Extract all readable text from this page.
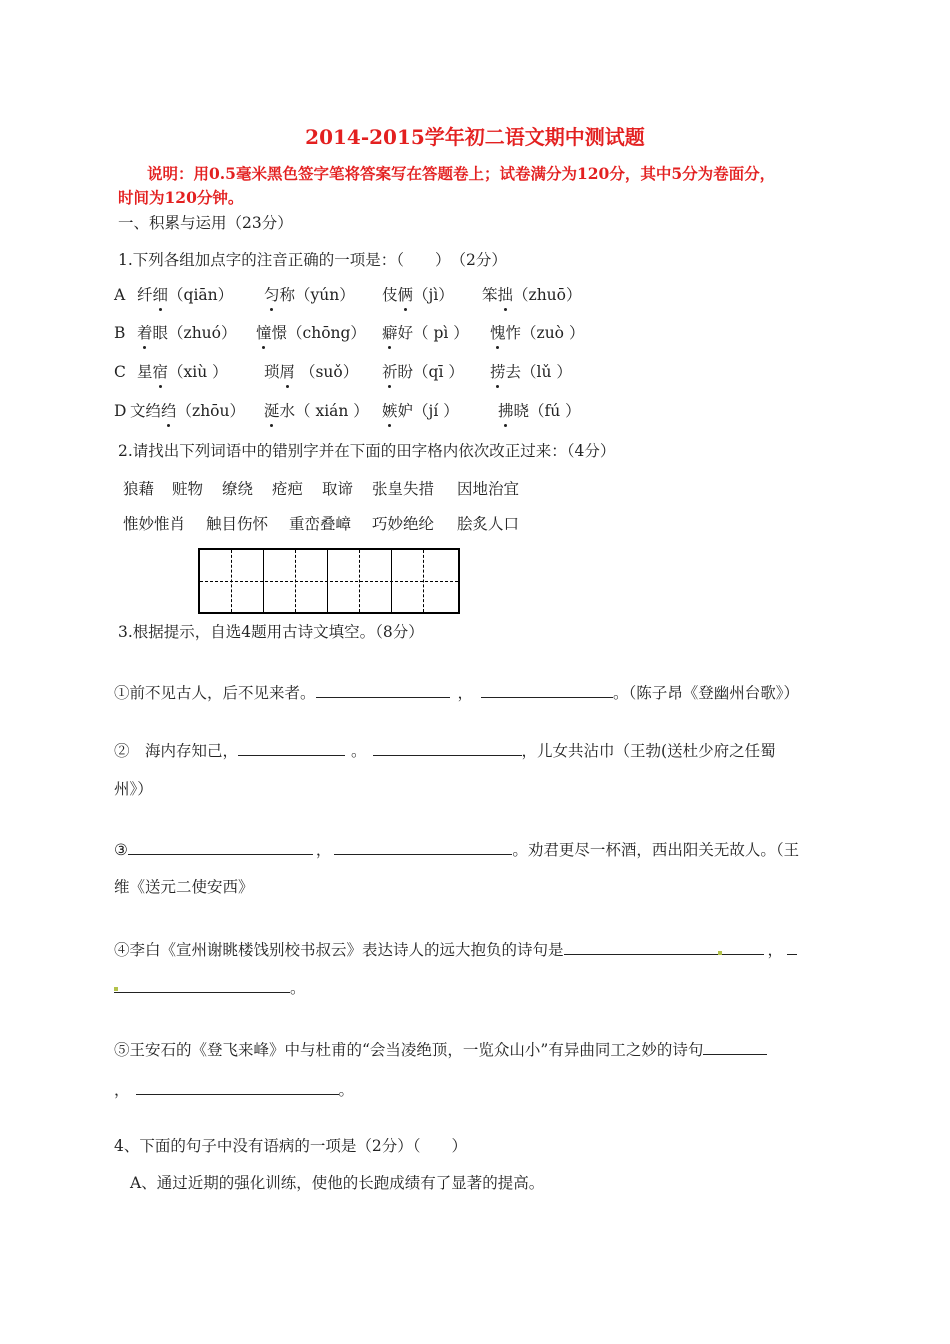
2014-2015学年初二语文期中测试题
说明：用0.5毫米黑色签字笔将答案写在答题卷上；试卷满分为120分，其中5分为卷面分，
时间为120分钟。
一、积累与运用（23分）
1.下列各组加点字的注音正确的一项是：（　　）　（2分）
A 纤细（qiān） 匀称（yún） 伎俩（jì） 笨拙（zhuō）
B 着眼（zhuó） 憧憬（chōng） 癖好（ pì ） 愧怍（zuò ）
C 星宿（xiù ） 琐屑 （suǒ） 祈盼（qī ） 捞去（lǔ ）
D 文绉绉（zhōu） 涎水（ xián ） 嫉妒（jí ）	拂晓（fú ）
2.请找出下列词语中的错别字并在下面的田字格内依次改正过来：（4分）
狼藉 赃物 缭绕 疮疤 取谛 张皇失措 因地治宜
惟妙惟肖 触目伤怀 重峦叠嶂 巧妙绝纶 脍炙人口
3.根据提示，自选4题用古诗文填空。（8分）
①前不见古人，后不见来者。	，	。（陈子昂《登幽州台歌》）
②　海内存知己，	。	，儿女共沾巾（王勃(送杜少府之任蜀
州》）
③	，	。劝君更尽一杯酒，西出阳关无故人。（王
维《送元二使安西》
④李白《宣州谢眺楼饯别校书叔云》表达诗人的远大抱负的诗句是	，
。
⑤王安石的《登飞来峰》中与杜甫的“会当凌绝顶，一览众山小”有异曲同工之妙的诗句
，	。
4、下面的句子中没有语病的一项是（2分）（　　）
A、通过近期的强化训练，使他的长跑成绩有了显著的提高。
